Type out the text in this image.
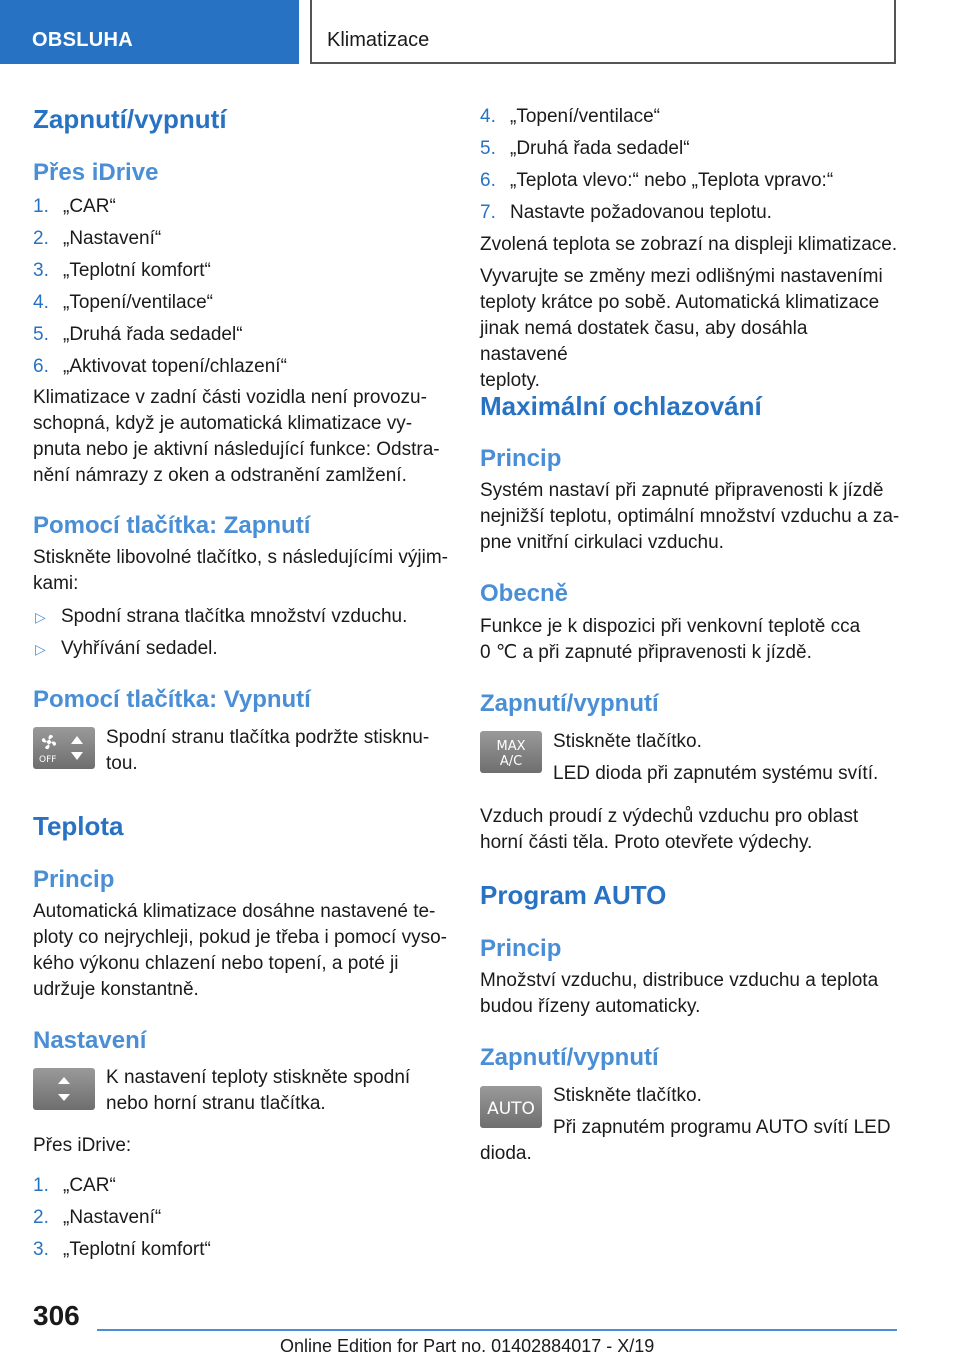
OBSLUHA	Klimatizace
Zapnutí/vypnutí
Přes iDrive
1. „CAR“
2. „Nastavení“
3. „Teplotní komfort“
4. „Topení/ventilace“
5. „Druhá řada sedadel“
6. „Aktivovat topení/chlazení“
Klimatizace v zadní části vozidla není provozu-
schopná, když je automatická klimatizace vy-
pnuta nebo je aktivní následující funkce: Odstra-
nění námrazy z oken a odstranění zamlžení.
Pomocí tlačítka: Zapnutí
Stiskněte libovolné tlačítko, s následujícími výjim-
kami:
▷ Spodní strana tlačítka množství vzduchu.
▷ Vyhřívání sedadel.
Pomocí tlačítka: Vypnutí
OFF
Spodní stranu tlačítka podržte stisknu-
tou.
Teplota
Princip
Automatická klimatizace dosáhne nastavené te-
ploty co nejrychleji, pokud je třeba i pomocí vyso-
kého výkonu chlazení nebo topení, a poté ji
udržuje konstantně.
Nastavení
K nastavení teploty stiskněte spodní
nebo horní stranu tlačítka.
Přes iDrive:
1. „CAR“
2. „Nastavení“
3. „Teplotní komfort“
4. „Topení/ventilace“
5. „Druhá řada sedadel“
6. „Teplota vlevo:“ nebo „Teplota vpravo:“
7. Nastavte požadovanou teplotu.
Zvolená teplota se zobrazí na displeji klimatizace.
Vyvarujte se změny mezi odlišnými nastaveními
teploty krátce po sobě. Automatická klimatizace
jinak nemá dostatek času, aby dosáhla nastavené
teploty.
Maximální ochlazování
Princip
Systém nastaví při zapnuté připravenosti k jízdě
nejnižší teplotu, optimální množství vzduchu a za-
pne vnitřní cirkulaci vzduchu.
Obecně
Funkce je k dispozici při venkovní teplotě cca
0 ℃ a při zapnuté připravenosti k jízdě.
Zapnutí/vypnutí
MAX
A/C
Stiskněte tlačítko.
LED dioda při zapnutém systému svítí.
Vzduch proudí z výdechů vzduchu pro oblast
horní části těla. Proto otevřete výdechy.
Program AUTO
Princip
Množství vzduchu, distribuce vzduchu a teplota
budou řízeny automaticky.
Zapnutí/vypnutí
AUTO
Stiskněte tlačítko.
Při zapnutém programu AUTO svítí LED
dioda.
306
Online Edition for Part no. 01402884017 - X/19
